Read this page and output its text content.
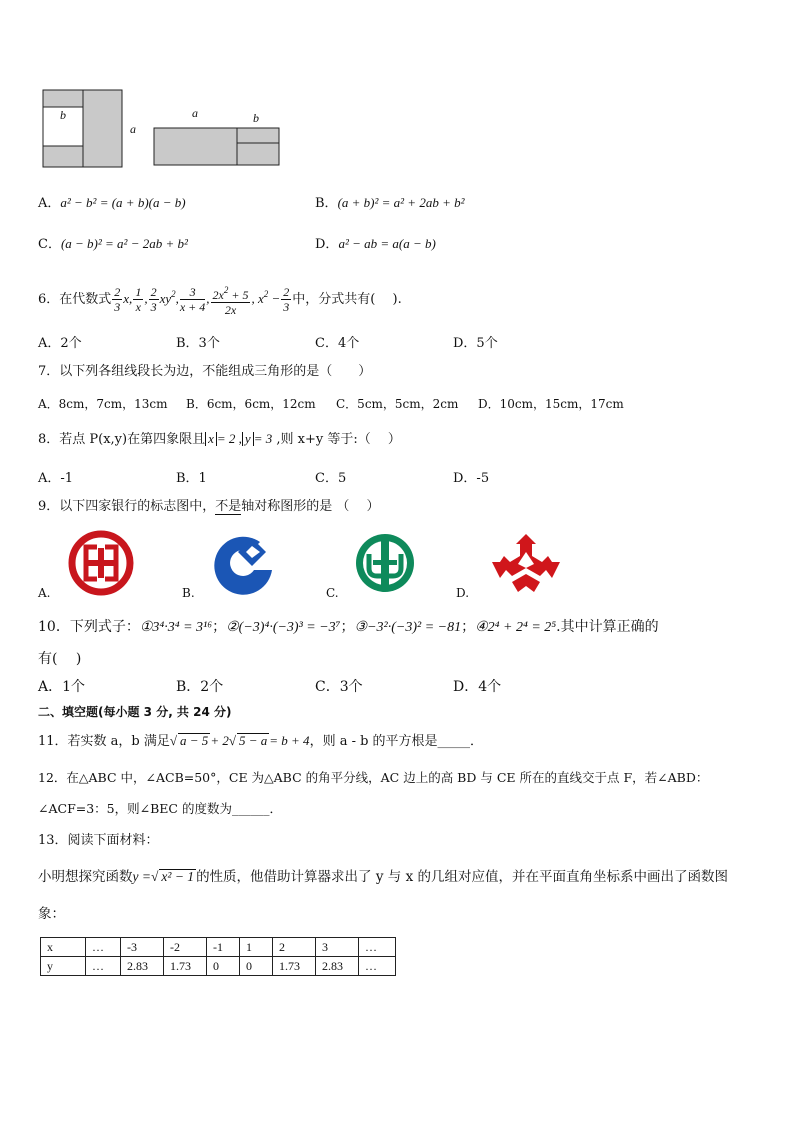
b
a
a	b
A．a² − b² = (a + b)(a − b)	B．(a + b)² = a² + 2ab + b²
C．(a − b)² = a² − 2ab + b²	D．a² − ab = a(a − b)
6．在代数式 $\frac{2}{3} x$, $\frac{1}{x}$ , $\frac{2}{3} xy^2$, $\frac{3}{x + 4}$ , $\frac{2x^2 + 5}{2x}$ , $x^2 - \frac{2}{3}$ 中，分式共有(　 ).
A．2个	B．3个	C．4个	D．5个
7．以下列各组线段长为边，不能组成三角形的是（　　）
A．8cm，7cm，13cm B．6cm，6cm，12cm C．5cm，5cm，2cm D．10cm，15cm，17cm
8．若点 P(x,y)在第四象限且 x = 2 , y = 3 ,则 x+y 等于:（　 ）
A．-1	B．1	C．5	D．-5
9．以下四家银行的标志图中，不是轴对称图形的是 （　 ）
A.	B.	C.	D.
10．下列式子：①3⁴·3⁴ = 3¹⁶；②(−3)⁴·(−3)³ = −3⁷；③−3²·(−3)² = −81；④2⁴ + 2⁴ = 2⁵.其中计算正确的
有(　 )
A．1个	B．2个	C．3个	D．4个
二、填空题(每小题 3 分, 共 24 分)
11．若实数 a，b 满足√ a − 5 + 2√ 5 − a = b + 4，则 a - b 的平方根是_____．
12．在△ABC 中，∠ACB=50°，CE 为△ABC 的角平分线，AC 边上的高 BD 与 CE 所在的直线交于点 F，若∠ABD：
∠ACF=3：5，则∠BEC 的度数为______．
13．阅读下面材料：
小明想探究函数y =√ x² − 1 的性质，他借助计算器求出了 y 与 x 的几组对应值，并在平面直角坐标系中画出了函数图
象：
x	…	-3	-2	-1	1	2	3	…
y	…	2.83	1.73	0	0	1.73	2.83	…
